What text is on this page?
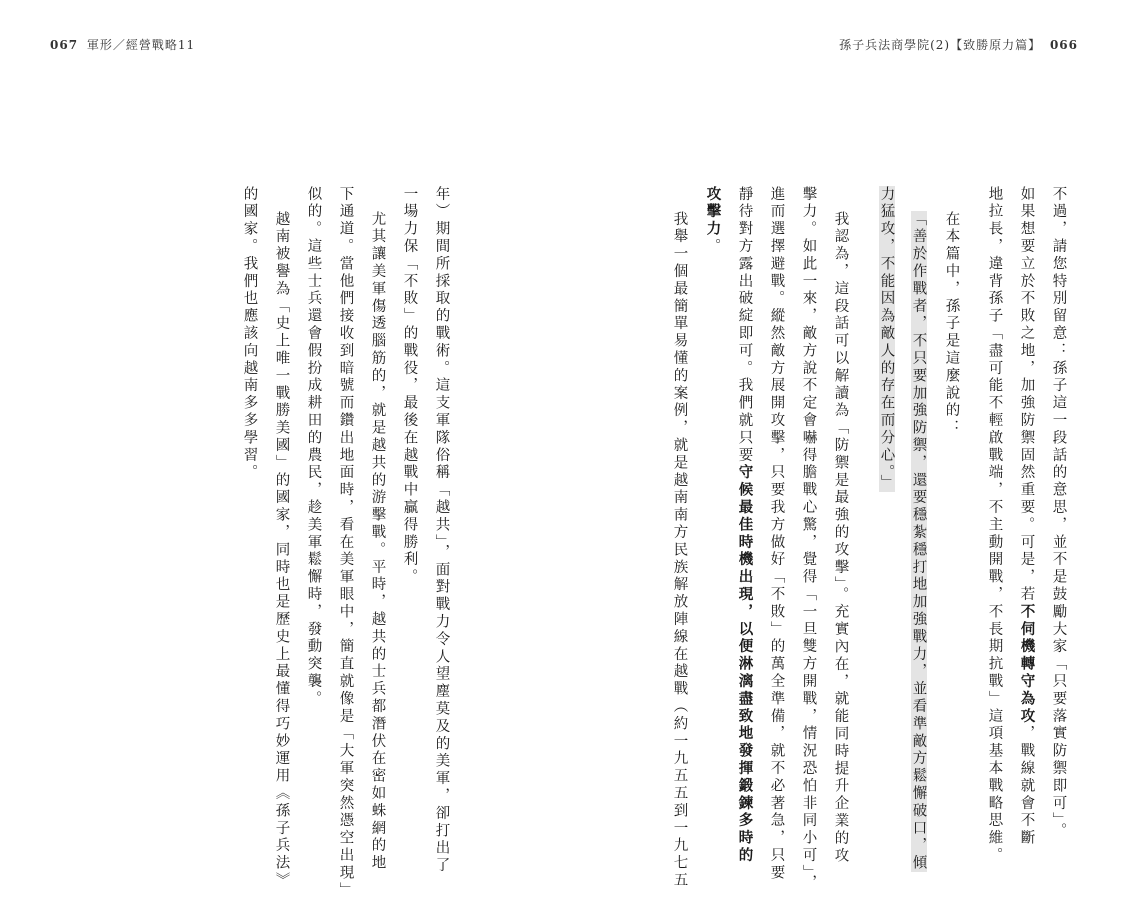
067 軍形／經營戰略11	孫子兵法商學院(2)【致勝原力篇】 066
不過，請您特別留意：孫子這一段話的意思，並不是鼓勵大家「只要落實防禦即可」。
如果想要立於不敗之地，加強防禦固然重要。可是，若不伺機轉守為攻，戰線就會不斷
地拉長，違背孫子「盡可能不輕啟戰端，不主動開戰，不長期抗戰」這項基本戰略思維。
在本篇中，孫子是這麼說的：
「善於作戰者，不只要加強防禦，還要穩紮穩打地加強戰力，並看準敵方鬆懈破口，傾
力猛攻，不能因為敵人的存在而分心。」
我認為，這段話可以解讀為「防禦是最強的攻擊」。充實內在，就能同時提升企業的攻
擊力。如此一來，敵方說不定會嚇得膽戰心驚，覺得「一旦雙方開戰，情況恐怕非同小可」，
進而選擇避戰。縱然敵方展開攻擊，只要我方做好「不敗」的萬全準備，就不必著急，只要
靜待對方露出破綻即可。我們就只要守候最佳時機出現，以便淋漓盡致地發揮鍛鍊多時的
攻擊力。
我舉一個最簡單易懂的案例，就是越南南方民族解放陣線在越戰（約一九五五到一九七五
年）期間所採取的戰術。這支軍隊俗稱「越共」，面對戰力令人望塵莫及的美軍，卻打出了
一場力保「不敗」的戰役，最後在越戰中贏得勝利。
尤其讓美軍傷透腦筋的，就是越共的游擊戰。平時，越共的士兵都潛伏在密如蛛網的地
下通道。當他們接收到暗號而鑽出地面時，看在美軍眼中，簡直就像是「大軍突然憑空出現」
似的。這些士兵還會假扮成耕田的農民，趁美軍鬆懈時，發動突襲。
越南被譽為「史上唯一戰勝美國」的國家，同時也是歷史上最懂得巧妙運用《孫子兵法》
的國家。我們也應該向越南多多學習。
